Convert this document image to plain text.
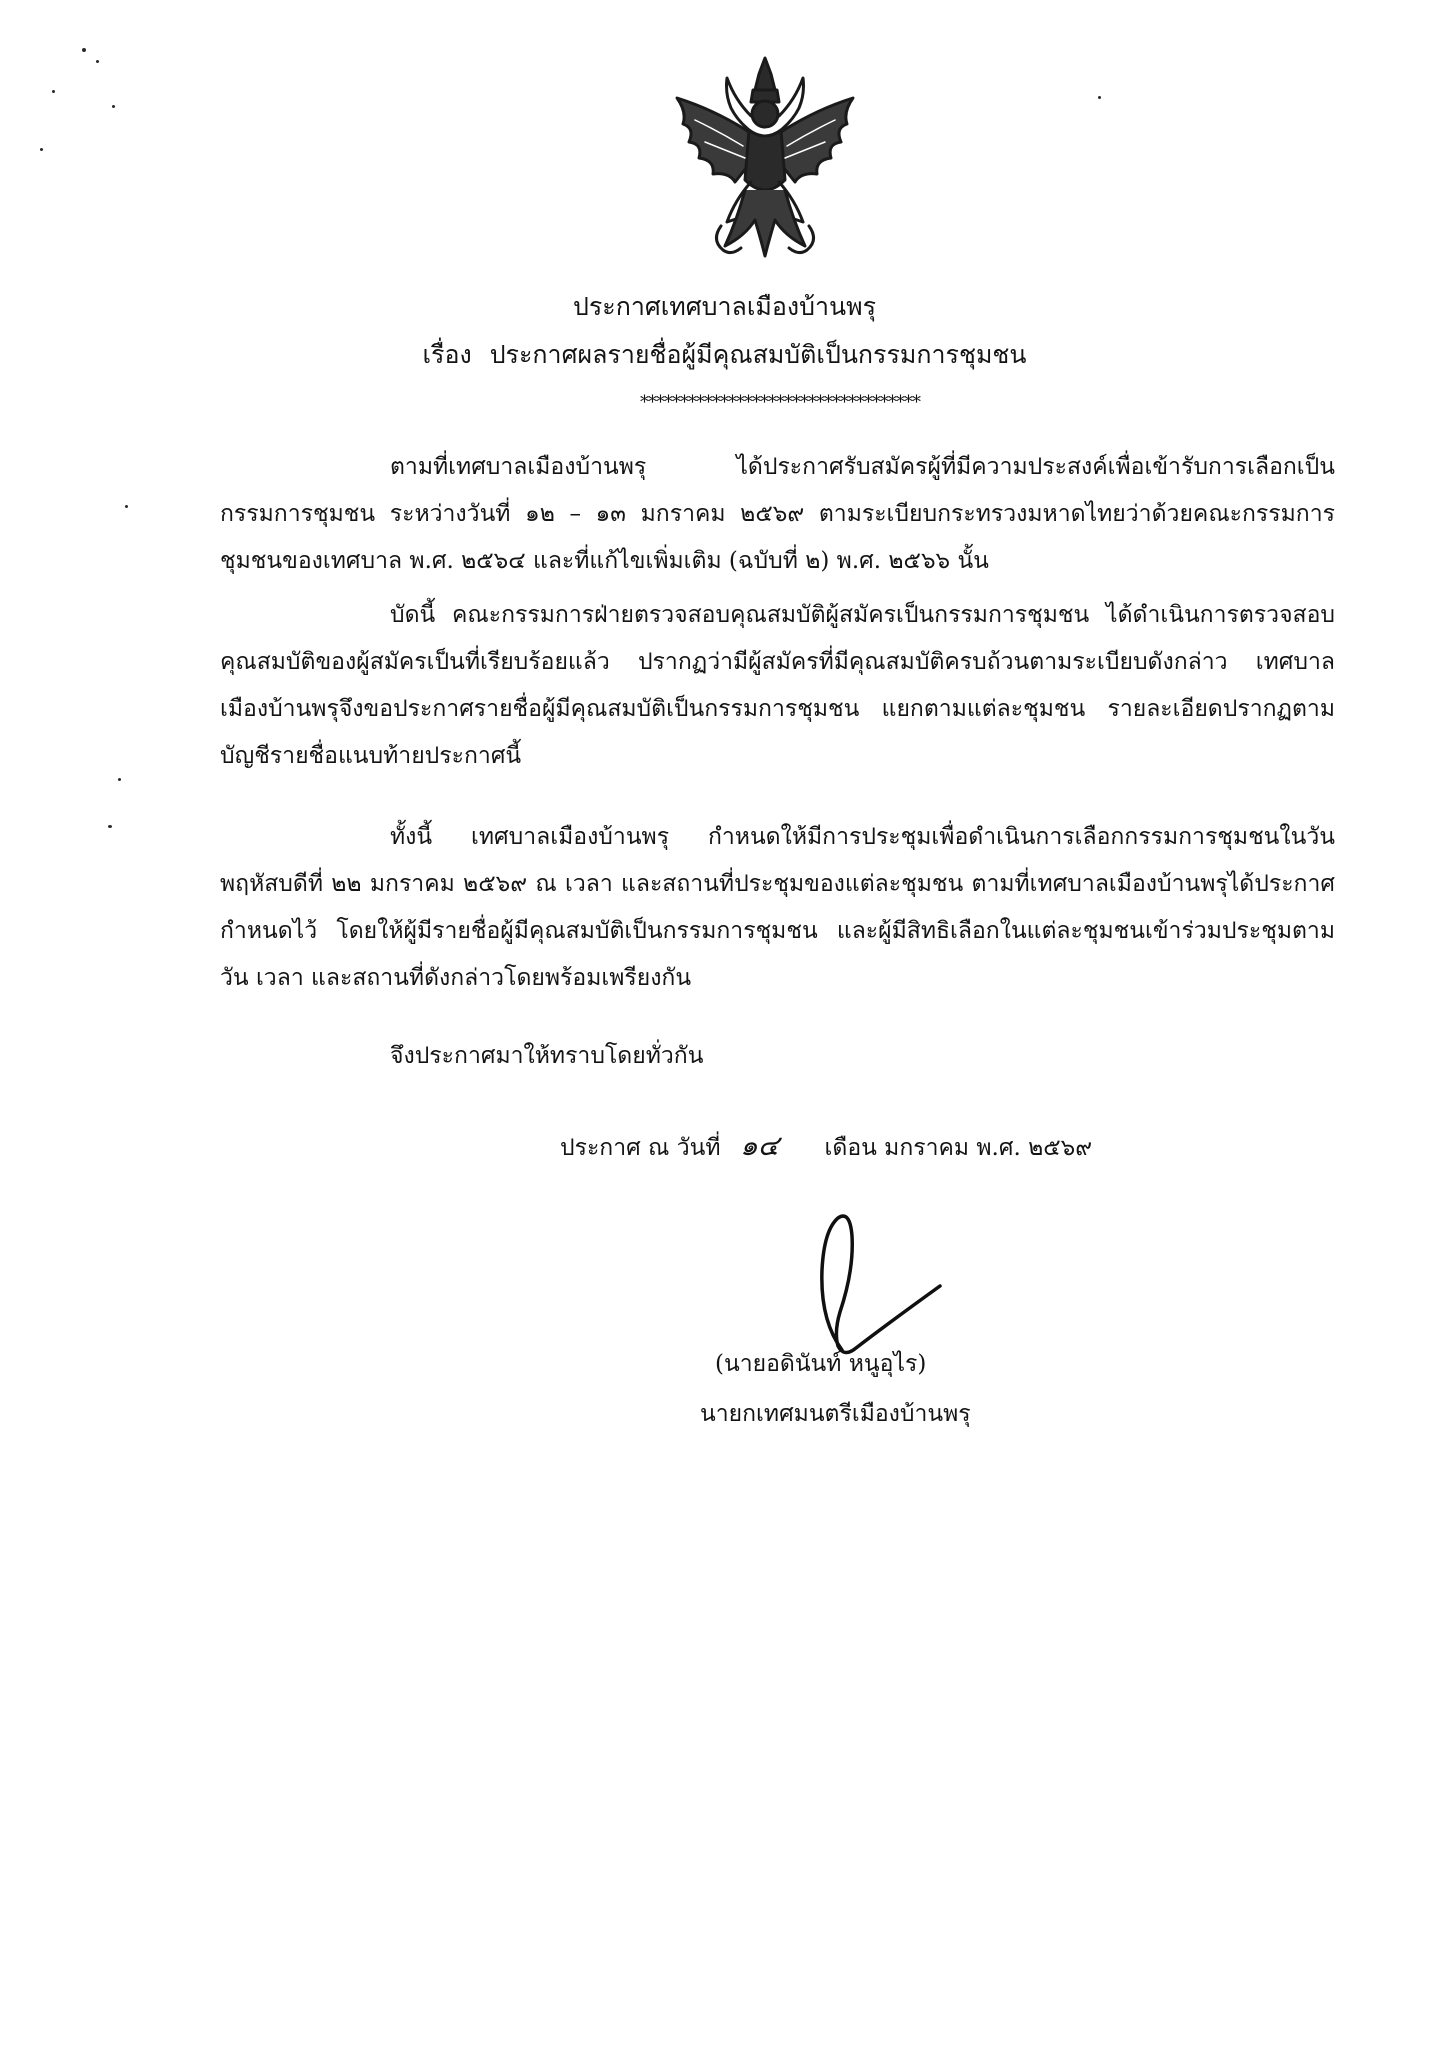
ประกาศเทศบาลเมืองบ้านพรุ
เรื่อง ประกาศผลรายชื่อผู้มีคุณสมบัติเป็นกรรมการชุมชน
***********************************
ตามที่เทศบาลเมืองบ้านพรุ ได้ประกาศรับสมัครผู้ที่มีความประสงค์เพื่อเข้ารับการเลือกเป็นกรรมการชุมชน ระหว่างวันที่ ๑๒ – ๑๓ มกราคม ๒๕๖๙ ตามระเบียบกระทรวงมหาดไทยว่าด้วยคณะกรรมการชุมชนของเทศบาล พ.ศ. ๒๕๖๔ และที่แก้ไขเพิ่มเติม (ฉบับที่ ๒) พ.ศ. ๒๕๖๖ นั้น
บัดนี้ คณะกรรมการฝ่ายตรวจสอบคุณสมบัติผู้สมัครเป็นกรรมการชุมชน ได้ดำเนินการตรวจสอบคุณสมบัติของผู้สมัครเป็นที่เรียบร้อยแล้ว ปรากฏว่ามีผู้สมัครที่มีคุณสมบัติครบถ้วนตามระเบียบดังกล่าว เทศบาลเมืองบ้านพรุจึงขอประกาศรายชื่อผู้มีคุณสมบัติเป็นกรรมการชุมชน แยกตามแต่ละชุมชน รายละเอียดปรากฏตามบัญชีรายชื่อแนบท้ายประกาศนี้
ทั้งนี้ เทศบาลเมืองบ้านพรุ กำหนดให้มีการประชุมเพื่อดำเนินการเลือกกรรมการชุมชนในวันพฤหัสบดีที่ ๒๒ มกราคม ๒๕๖๙ ณ เวลา และสถานที่ประชุมของแต่ละชุมชน ตามที่เทศบาลเมืองบ้านพรุได้ประกาศกำหนดไว้ โดยให้ผู้มีรายชื่อผู้มีคุณสมบัติเป็นกรรมการชุมชน และผู้มีสิทธิเลือกในแต่ละชุมชนเข้าร่วมประชุมตามวัน เวลา และสถานที่ดังกล่าวโดยพร้อมเพรียงกัน
จึงประกาศมาให้ทราบโดยทั่วกัน
ประกาศ ณ วันที่ ๑๔ เดือน มกราคม พ.ศ. ๒๕๖๙
(นายอดินันท์ หนูอุไร)
นายกเทศมนตรีเมืองบ้านพรุ
